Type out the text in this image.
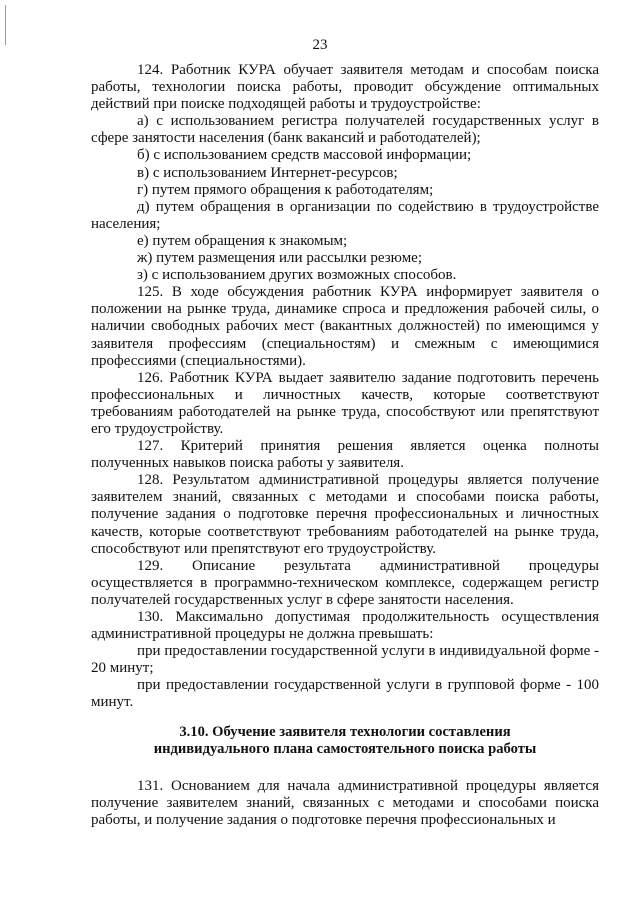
23

124. Работник КУРА обучает заявителя методам и способам поиска работы, технологии поиска работы, проводит обсуждение оптимальных действий при поиске подходящей работы и трудоустройстве:

а) с использованием регистра получателей государственных услуг в сфере занятости населения (банк вакансий и работодателей);

б) с использованием средств массовой информации;

в) с использованием Интернет-ресурсов;

г) путем прямого обращения к работодателям;

д) путем обращения в организации по содействию в трудоустройстве населения;

е) путем обращения к знакомым;

ж) путем размещения или рассылки резюме;

з) с использованием других возможных способов.

125. В ходе обсуждения работник КУРА информирует заявителя о положении на рынке труда, динамике спроса и предложения рабочей силы, о наличии свободных рабочих мест (вакантных должностей) по имеющимся у заявителя профессиям (специальностям) и смежным с имеющимися профессиями (специальностями).

126. Работник КУРА выдает заявителю задание подготовить перечень профессиональных и личностных качеств, которые соответствуют требованиям работодателей на рынке труда, способствуют или препятствуют его трудоустройству.

127. Критерий принятия решения является оценка полноты полученных навыков поиска работы у заявителя.

128. Результатом административной процедуры является получение заявителем знаний, связанных с методами и способами поиска работы, получение задания о подготовке перечня профессиональных и личностных качеств, которые соответствуют требованиям работодателей на рынке труда, способствуют или препятствуют его трудоустройству.

129. Описание результата административной процедуры осуществляется в программно-техническом комплексе, содержащем регистр получателей государственных услуг в сфере занятости населения.

130. Максимально допустимая продолжительность осуществления административной процедуры не должна превышать:

при предоставлении государственной услуги в индивидуальной форме - 20 минут;

при предоставлении государственной услуги в групповой форме - 100 минут.

3.10. Обучение заявителя технологии составления
индивидуального плана самостоятельного поиска работы

131. Основанием для начала административной процедуры является получение заявителем знаний, связанных с методами и способами поиска работы, и получение задания о подготовке перечня профессиональных и
